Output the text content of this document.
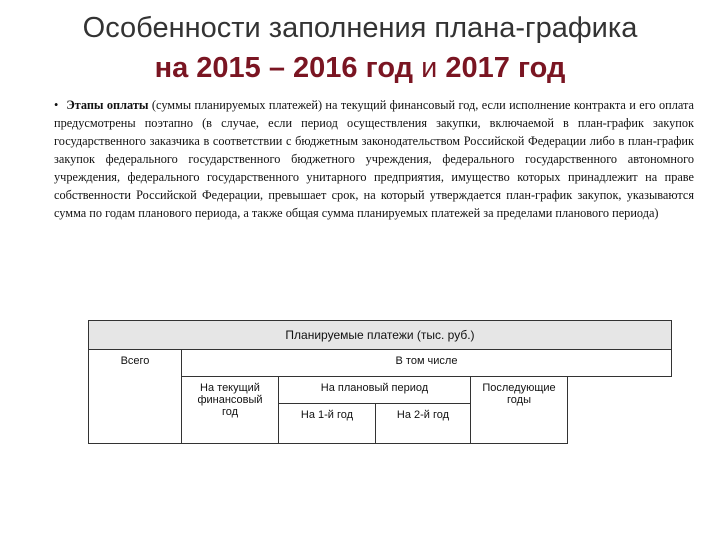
Особенности заполнения плана-графика
на 2015 – 2016 год и 2017 год
• Этапы оплаты (суммы планируемых платежей) на текущий финансовый год, если исполнение контракта и его оплата предусмотрены поэтапно (в случае, если период осуществления закупки, включаемой в план-график закупок государственного заказчика в соответствии с бюджетным законодательством Российской Федерации либо в план-график закупок федерального государственного бюджетного учреждения, федерального государственного автономного учреждения, федерального государственного унитарного предприятия, имущество которых принадлежит на праве собственности Российской Федерации, превышает срок, на который утверждается план-график закупок, указываются сумма по годам планового периода, а также общая сумма планируемых платежей за пределами планового периода)
Планируемые платежи (тыс. руб.)
Всего	В том числе
На текущий финансовый год
На плановый период
На 1-й год	На 2-й год
Последующие годы
